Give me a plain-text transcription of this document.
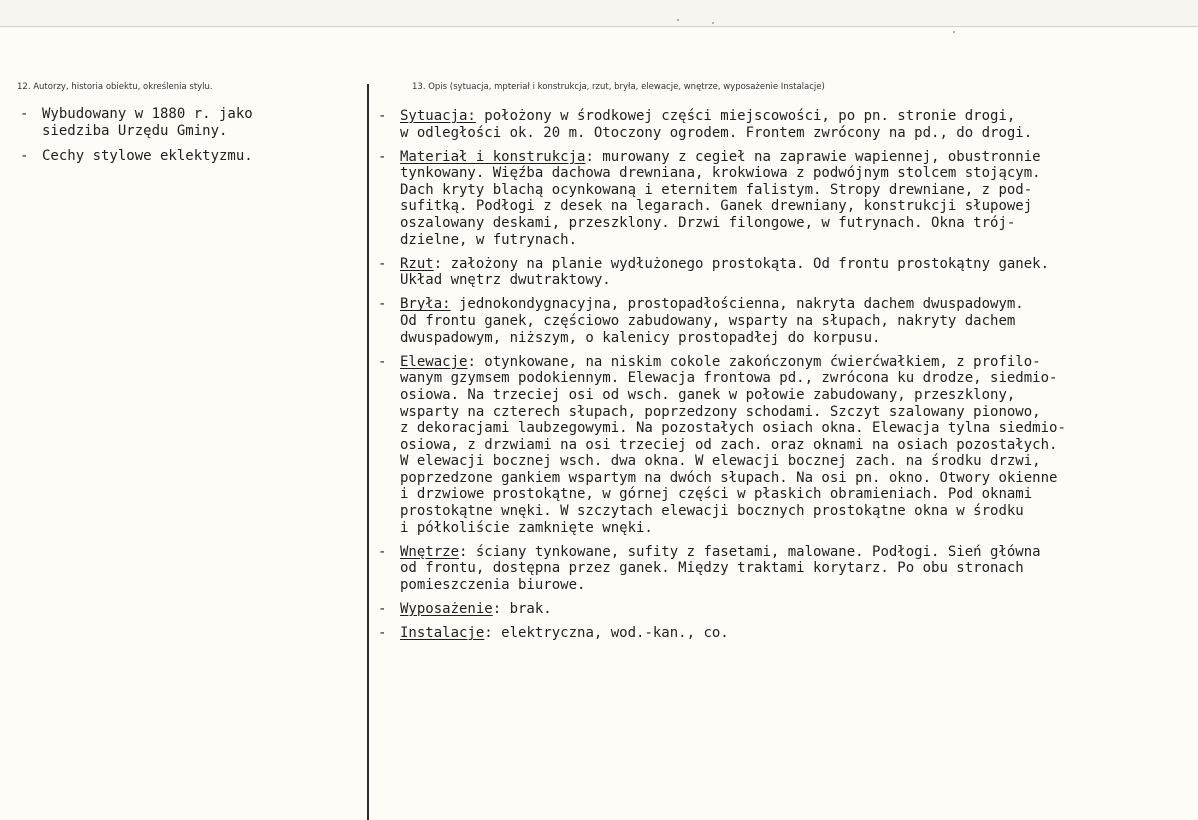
12. Autorzy, historia obiektu, określenia stylu.	13. Opis (sytuacja, mpteriał i konstrukcja, rzut, bryła, elewacje, wnętrze, wyposażenie Instalacje)
- Wybudowany w 1880 r. jako
siedziba Urzędu Gminy.
- Cechy stylowe eklektyzmu.
- Sytuacja: położony w środkowej części miejscowości, po pn. stronie drogi,
w odległości ok. 20 m. Otoczony ogrodem. Frontem zwrócony na pd., do drogi.
- Materiał i konstrukcja: murowany z cegieł na zaprawie wapiennej, obustronnie
tynkowany. Więźba dachowa drewniana, krokwiowa z podwójnym stolcem stojącym.
Dach kryty blachą ocynkowaną i eternitem falistym. Stropy drewniane, z pod-
sufitką. Podłogi z desek na legarach. Ganek drewniany, konstrukcji słupowej
oszalowany deskami, przeszklony. Drzwi filongowe, w futrynach. Okna trój-
dzielne, w futrynach.
- Rzut: założony na planie wydłużonego prostokąta. Od frontu prostokątny ganek.
Układ wnętrz dwutraktowy.
- Bryła: jednokondygnacyjna, prostopadłościenna, nakryta dachem dwuspadowym.
Od frontu ganek, częściowo zabudowany, wsparty na słupach, nakryty dachem
dwuspadowym, niższym, o kalenicy prostopadłej do korpusu.
- Elewacje: otynkowane, na niskim cokole zakończonym ćwierćwałkiem, z profilo-
wanym gzymsem podokiennym. Elewacja frontowa pd., zwrócona ku drodze, siedmio-
osiowa. Na trzeciej osi od wsch. ganek w połowie zabudowany, przeszklony,
wsparty na czterech słupach, poprzedzony schodami. Szczyt szalowany pionowo,
z dekoracjami laubzegowymi. Na pozostałych osiach okna. Elewacja tylna siedmio-
osiowa, z drzwiami na osi trzeciej od zach. oraz oknami na osiach pozostałych.
W elewacji bocznej wsch. dwa okna. W elewacji bocznej zach. na środku drzwi,
poprzedzone gankiem wspartym na dwóch słupach. Na osi pn. okno. Otwory okienne
i drzwiowe prostokątne, w górnej części w płaskich obramieniach. Pod oknami
prostokątne wnęki. W szczytach elewacji bocznych prostokątne okna w środku
i półkoliście zamknięte wnęki.
- Wnętrze: ściany tynkowane, sufity z fasetami, malowane. Podłogi. Sień główna
od frontu, dostępna przez ganek. Między traktami korytarz. Po obu stronach
pomieszczenia biurowe.
- Wyposażenie: brak.
- Instalacje: elektryczna, wod.-kan., co.
